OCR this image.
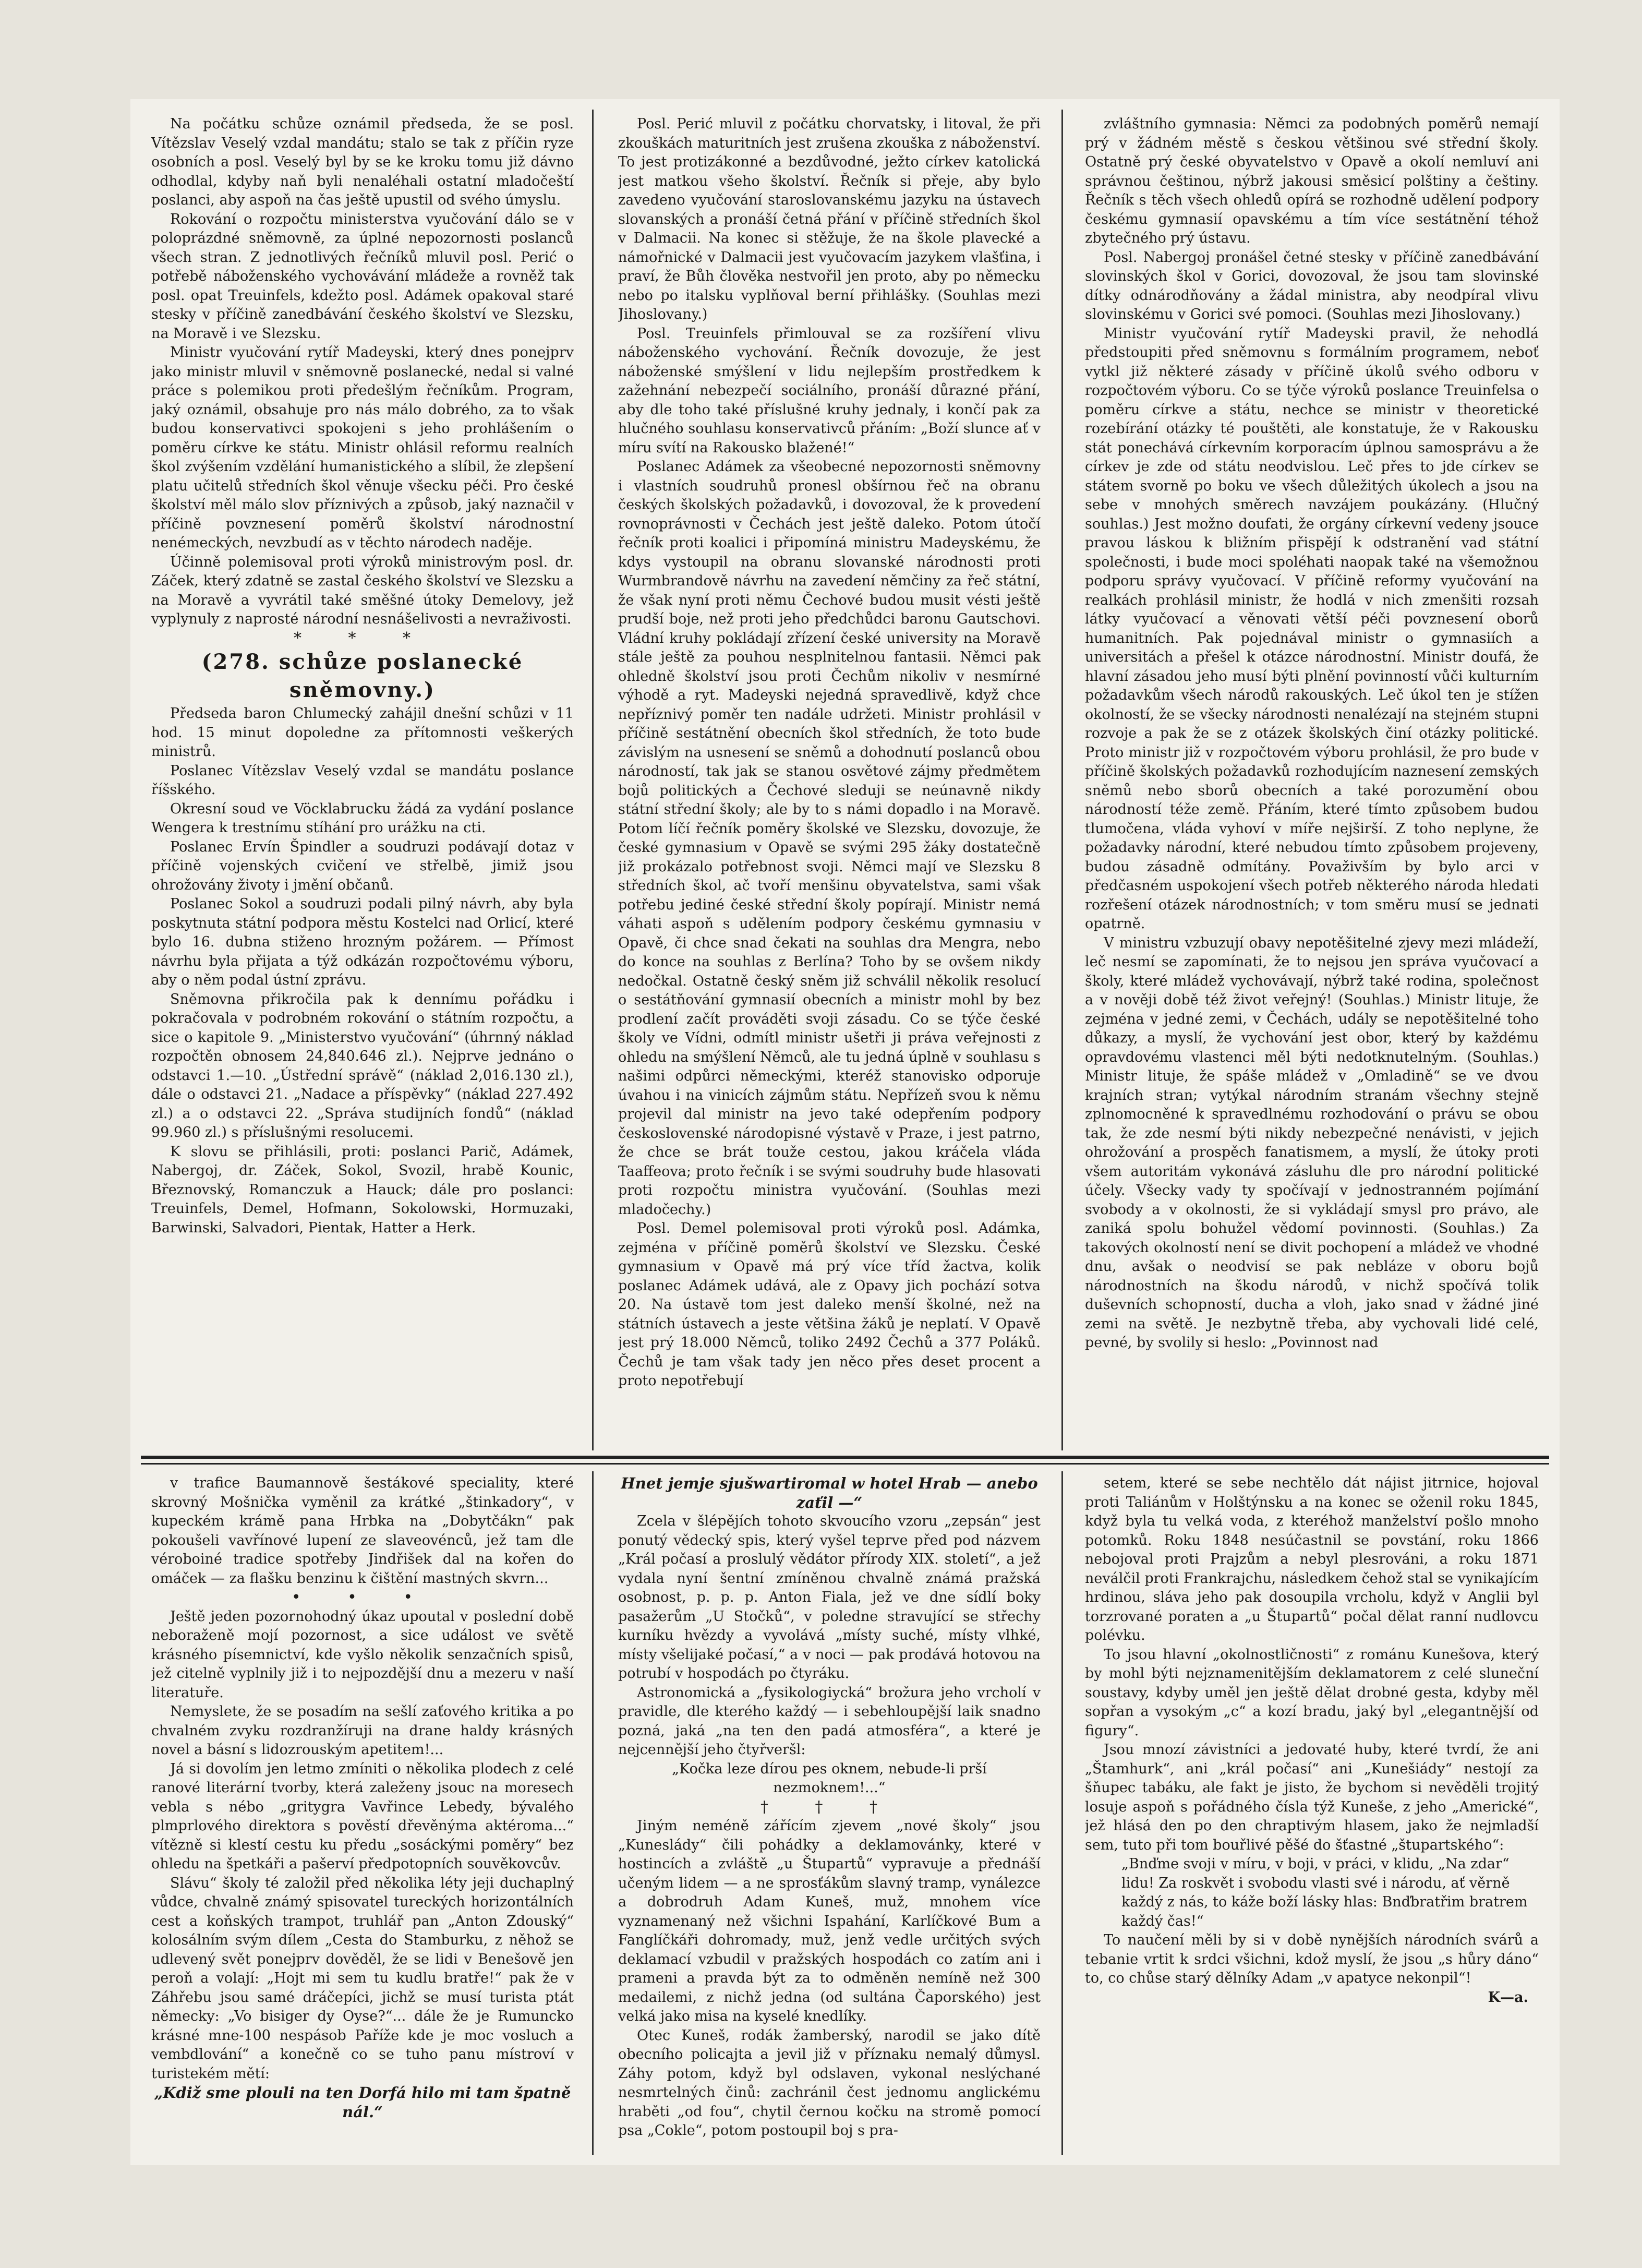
Na počátku schůze oznámil předseda, že se posl. Vítězslav Veselý vzdal mandátu; stalo se tak z příčin ryze osobních a posl. Veselý byl by se ke kroku tomu již dávno odhodlal, kdyby naň byli nenaléhali ostatní mladočeští poslanci, aby aspoň na čas ještě upustil od svého úmyslu.

Rokování o rozpočtu ministerstva vyučování dálo se v poloprázdné sněmovně, za úplné nepozornosti poslanců všech stran. Z jednotlivých řečníků mluvil posl. Perić o potřebě náboženského vychovávání mládeže a rovněž tak posl. opat Treuinfels, kdežto posl. Adámek opakoval staré stesky v příčině zanedbávání českého školství ve Slezsku, na Moravě i ve Slezsku.

Ministr vyučování rytíř Madeyski, který dnes ponejprv jako ministr mluvil v sněmovně poslanecké, nedal si valné práce s polemikou proti předešlým řečníkům. Program, jaký oznámil, obsahuje pro nás málo dobrého, za to však budou konservativci spokojeni s jeho prohlášením o poměru církve ke státu. Ministr ohlásil reformu realních škol zvýšením vzdělání humanistického a slíbil, že zlepšení platu učitelů středních škol věnuje všecku péči. Pro české školství měl málo slov příznivých a způsob, jaký naznačil v příčině povznesení poměrů školství národnostní nenémeckých, nevzbudí as v těchto národech naděje.

Účinně polemisoval proti výroků ministrovým posl. dr. Záček, který zdatně se zastal českého školství ve Slezsku a na Moravě a vyvrátil také směšné útoky Demelovy, jež vyplynuly z naprosté národní nesnášelivosti a nevraživosti.

* * *

(278. schůze poslanecké sněmovny.)

Předseda baron Chlumecký zahájil dnešní schůzi v 11 hod. 15 minut dopoledne za přítomnosti veškerých ministrů.

Poslanec Vítězslav Veselý vzdal se mandátu poslance říšského.

Okresní soud ve Vöcklabrucku žádá za vydání poslance Wengera k trestnímu stíhání pro urážku na cti.

Poslanec Ervín Špindler a soudruzi podávají dotaz v příčině vojenských cvičení ve střelbě, jimiž jsou ohrožovány životy i jmění občanů.

Poslanec Sokol a soudruzi podali pilný návrh, aby byla poskytnuta státní podpora městu Kostelci nad Orlicí, které bylo 16. dubna stiženo hrozným požárem. — Přímost návrhu byla přijata a týž odkázán rozpočtovému výboru, aby o něm podal ústní zprávu.

Sněmovna přikročila pak k dennímu pořádku i pokračovala v podrobném rokování o státním rozpočtu, a sice o kapitole 9. „Ministerstvo vyučování“ (úhrnný náklad rozpočtěn obnosem 24,840.646 zl.). Nejprve jednáno o odstavci 1.—10. „Ústřední správě“ (náklad 2,016.130 zl.), dále o odstavci 21. „Nadace a příspěvky“ (náklad 227.492 zl.) a o odstavci 22. „Správa studijních fondů“ (náklad 99.960 zl.) s příslušnými resolucemi.

K slovu se přihlásili, proti: poslanci Parič, Adámek, Nabergoj, dr. Záček, Sokol, Svozil, hrabě Kounic, Březnovský, Romanczuk a Hauck; dále pro poslanci: Treuinfels, Demel, Hofmann, Sokolowski, Hormuzaki, Barwinski, Salvadori, Pientak, Hatter a Herk.

Posl. Perić mluvil z počátku chorvatsky, i litoval, že při zkouškách maturitních jest zrušena zkouška z náboženství. To jest protizákonné a bezdůvodné, ježto církev katolická jest matkou všeho školství. Řečník si přeje, aby bylo zavedeno vyučování staroslovanskému jazyku na ústavech slovanských a pronáší četná přání v příčině středních škol v Dalmacii. Na konec si stěžuje, že na škole plavecké a námořnické v Dalmacii jest vyučovacím jazykem vlašťina, i praví, že Bůh člověka nestvořil jen proto, aby po německu nebo po italsku vyplňoval berní přihlášky. (Souhlas mezi Jihoslovany.)

Posl. Treuinfels přimlouval se za rozšíření vlivu náboženského vychování. Řečník dovozuje, že jest náboženské smýšlení v lidu nejlepším prostředkem k zažehnání nebezpečí sociálního, pronáší důrazné přání, aby dle toho také příslušné kruhy jednaly, i končí pak za hlučného souhlasu konservativců přáním: „Boží slunce ať v míru svítí na Rakousko blažené!“

Poslanec Adámek za všeobecné nepozornosti sněmovny i vlastních soudruhů pronesl obšírnou řeč na obranu českých školských požadavků, i dovozoval, že k provedení rovnoprávnosti v Čechách jest ještě daleko. Potom útočí řečník proti koalici i připomíná ministru Madeyskému, že kdys vystoupil na obranu slovanské národnosti proti Wurmbrandově návrhu na zavedení němčiny za řeč státní, že však nyní proti němu Čechové budou musit vésti ještě prudší boje, než proti jeho předchůdci baronu Gautschovi. Vládní kruhy pokládají zřízení české university na Moravě stále ještě za pouhou nesplnitelnou fantasii. Němci pak ohledně školství jsou proti Čechům nikoliv v nesmírné výhodě a ryt. Madeyski nejedná spravedlivě, když chce nepříznivý poměr ten nadále udržeti. Ministr prohlásil v příčině sestátnění obecních škol středních, že toto bude závislým na usnesení se sněmů a dohodnutí poslanců obou národností, tak jak se stanou osvětové zájmy předmětem bojů politických a Čechové sleduji se neúnavně nikdy státní střední školy; ale by to s námi dopadlo i na Moravě. Potom líčí řečník poměry školské ve Slezsku, dovozuje, že české gymnasium v Opavě se svými 295 žáky dostatečně již prokázalo potřebnost svoji. Němci mají ve Slezsku 8 středních škol, ač tvoří menšinu obyvatelstva, sami však potřebu jediné české střední školy popírají. Ministr nemá váhati aspoň s udělením podpory českému gymnasiu v Opavě, či chce snad čekati na souhlas dra Mengra, nebo do konce na souhlas z Berlína? Toho by se ovšem nikdy nedočkal. Ostatně český sněm již schválil několik resolucí o sestátňování gymnasií obecních a ministr mohl by bez prodlení začít prováděti svoji zásadu. Co se týče české školy ve Vídni, odmítl ministr ušetři ji práva veřejnosti z ohledu na smýšlení Němců, ale tu jedná úplně v souhlasu s našimi odpůrci německými, kteréž stanovisko odporuje úvahou i na vinicích zájmům státu. Nepřízeň svou k němu projevil dal ministr na jevo také odepřením podpory československé národopisné výstavě v Praze, i jest patrno, že chce se brát touže cestou, jakou kráčela vláda Taaffeova; proto řečník i se svými soudruhy bude hlasovati proti rozpočtu ministra vyučování. (Souhlas mezi mladočechy.)

Posl. Demel polemisoval proti výroků posl. Adámka, zejména v příčině poměrů školství ve Slezsku. České gymnasium v Opavě má prý více tříd žactva, kolik poslanec Adámek udává, ale z Opavy jich pochází sotva 20. Na ústavě tom jest daleko menší školné, než na státních ústavech a jeste většina žáků je neplatí. V Opavě jest prý 18.000 Němců, toliko 2492 Čechů a 377 Poláků. Čechů je tam však tady jen něco přes deset procent a proto nepotřebují

zvláštního gymnasia: Němci za podobných poměrů nemají prý v žádném městě s českou většinou své střední školy. Ostatně prý české obyvatelstvo v Opavě a okolí nemluví ani správnou češtinou, nýbrž jakousi směsicí polštiny a češtiny. Řečník s těch všech ohledů opírá se rozhodně udělení podpory českému gymnasií opavskému a tím více sestátnění téhož zbytečného prý ústavu.

Posl. Nabergoj pronášel četné stesky v příčině zanedbávání slovinských škol v Gorici, dovozoval, že jsou tam slovinské dítky odnárodňovány a žádal ministra, aby neodpíral vlivu slovinskému v Gorici své pomoci. (Souhlas mezi Jihoslovany.)

Ministr vyučování rytíř Madeyski pravil, že nehodlá předstoupiti před sněmovnu s formálním programem, neboť vytkl již některé zásady v příčině úkolů svého odboru v rozpočtovém výboru. Co se týče výroků poslance Treuinfelsa o poměru církve a státu, nechce se ministr v theoretické rozebírání otázky té pouštěti, ale konstatuje, že v Rakousku stát ponechává církevním korporacím úplnou samosprávu a že církev je zde od státu neodvislou. Leč přes to jde církev se státem svorně po boku ve všech důležitých úkolech a jsou na sebe v mnohých směrech navzájem poukázány. (Hlučný souhlas.) Jest možno doufati, že orgány církevní vedeny jsouce pravou láskou k bližním přispějí k odstranění vad státní společnosti, i bude moci spoléhati naopak také na všemožnou podporu správy vyučovací. V příčině reformy vyučování na realkách prohlásil ministr, že hodlá v nich zmenšiti rozsah látky vyučovací a věnovati větší péči povznesení oborů humanitních. Pak pojednával ministr o gymnasiích a universitách a přešel k otázce národnostní. Ministr doufá, že hlavní zásadou jeho musí býti plnění povinností vůči kulturním požadavkům všech národů rakouských. Leč úkol ten je stížen okolností, že se všecky národnosti nenalézají na stejném stupni rozvoje a pak že se z otázek školských činí otázky politické. Proto ministr již v rozpočtovém výboru prohlásil, že pro bude v příčině školských požadavků rozhodujícím naznesení zemských sněmů nebo sborů obecních a také porozumění obou národností téže země. Přáním, které tímto způsobem budou tlumočena, vláda vyhoví v míře nejširší. Z toho neplyne, že požadavky národní, které nebudou tímto způsobem projeveny, budou zásadně odmítány. Považivším by bylo arci v předčasném uspokojení všech potřeb některého národa hledati rozřešení otázek národnostních; v tom směru musí se jednati opatrně.

V ministru vzbuzují obavy nepotěšitelné zjevy mezi mládeží, leč nesmí se zapomínati, že to nejsou jen správa vyučovací a školy, které mládež vychovávají, nýbrž také rodina, společnost a v nověji době též život veřejný! (Souhlas.) Ministr lituje, že zejména v jedné zemi, v Čechách, udály se nepotěšitelné toho důkazy, a myslí, že vychování jest obor, který by každému opravdovému vlastenci měl býti nedotknutelným. (Souhlas.) Ministr lituje, že spáše mládež v „Omladině“ se ve dvou krajních stran; vytýkal národním stranám všechny stejně zplnomocněné k spravedlnému rozhodování o právu se obou tak, že zde nesmí býti nikdy nebezpečné nenávisti, v jejich ohrožování a prospěch fanatismem, a myslí, že útoky proti všem autoritám vykonává zásluhu dle pro národní politické účely. Všecky vady ty spočívají v jednostranném pojímání svobody a v okolnosti, že si vykládají smysl pro právo, ale zaniká spolu bohužel vědomí povinnosti. (Souhlas.) Za takových okolností není se divit pochopení a mládež ve vhodné dnu, avšak o neodvisí se pak nebláze v oboru bojů národnostních na škodu národů, v nichž spočívá tolik duševních schopností, ducha a vloh, jako snad v žádné jiné zemi na světě. Je nezbytně třeba, aby vychovali lidé celé, pevné, by svolily si heslo: „Povinnost nad

v trafice Baumannově šestákové speciality, které skrovný Mošnička vyměnil za krátké „štinkadory“, v kupeckém krámě pana Hrbka na „Dobytčákn“ pak pokoušeli vavřínové lupení ze slaveovénců, jež tam dle véroboiné tradice spotřeby Jindřišek dal na kořen do omáček — za flašku benzinu k čištění mastných skvrn...

• • •

Ještě jeden pozornohodný úkaz upoutal v poslední době neboraženě mojí pozornost, a sice událost ve světě krásného písemnictví, kde vyšlo několik senzačních spisů, jež citelně vyplnily již i to nejpozdější dnu a mezeru v naší literatuře.

Nemyslete, že se posadím na sešlí zaťového kritika a po chvalném zvyku rozdranžíruji na drane haldy krásných novel a básní s lidozrouským apetitem!...

Já si dovolím jen letmo zmíniti o několika plodech z celé ranové literární tvorby, která zaleženy jsouc na moresech vebla s nébo „gritygra Vavřince Lebedy, bývalého plmprlového direktora s pověstí dřevěnýma aktéroma...“ vítězně si klestí cestu ku předu „sosáckými poměry“ bez ohledu na špetkáři a pašerví předpotopních souvěkovcův.

Slávu“ školy té založil před několika léty jeji duchaplný vůdce, chvalně známý spisovatel tureckých horizontálních cest a koňských trampot, truhlář pan „Anton Zdouský“ kolosálním svým dílem „Cesta do Stamburku, z něhož se udlevený svět ponejprv dověděl, že se lidi v Benešově jen peroň a volají: „Hojt mi sem tu kudlu bratře!“ pak že v Záhřebu jsou samé dráčepíci, jichž se musí turista ptát německy: „Vo bisiger dy Oyse?“... dále že je Rumuncko krásné mne-100 nespásob Paříže kde je moc vosluch a vembdlování“ a konečně co se tuho panu místroví v turistekém mětí:

„Kdiž sme plouli na ten Dorfá hilo mi tam špatně nál.“

Hnet jemje sjušwartiromal w hotel Hrab — anebo zaťil —“

Zcela v šlépějích tohoto skvoucího vzoru „zepsán“ jest ponutý vědecký spis, který vyšel teprve před pod názvem „Král počasí a proslulý vědátor přírody XIX. století“, a jež vydala nyní šentní zmíněnou chvalně známá pražská osobnost, p. p. p. Anton Fiala, jež ve dne sídlí boky pasažerům „U Stočků“, v poledne stravující se střechy kurníku hvězdy a vyvolává „místy suché, místy vlhké, místy všelijaké počasí,“ a v noci — pak prodává hotovou na potrubí v hospodách po čtyráku.

Astronomická a „fysikologiycká“ brožura jeho vrcholí v pravidle, dle kterého každý — i sebehloupější laik snadno pozná, jaká „na ten den padá atmosféra“, a které je nejcennější jeho čtyřveršl:

„Kočka leze dírou pes oknem, nebude-li prší nezmoknem!...“

† † †

Jiným neméně zářícím zjevem „nové školy“ jsou „Kuneslády“ čili pohádky a deklamovánky, které v hostincích a zvláště „u Štupartů“ vypravuje a přednáší učeným lidem — a ne sprosťákům slavný tramp, vynálezce a dobrodruh Adam Kuneš, muž, mnohem více vyznamenaný než všichni Ispahání, Karlíčkové Bum a Fanglíčkáři dohromady, muž, jenž vedle určitých svých deklamací vzbudil v pražských hospodách co zatím ani i prameni a pravda být za to odměněn nemíně než 300 medailemi, z nichž jedna (od sultána Čaporského) jest velká jako misa na kyselé knedlíky.

Otec Kuneš, rodák žamberský, narodil se jako dítě obecního policajta a jevil již v příznaku nemalý důmysl. Záhy potom, když byl odslaven, vykonal neslýchané nesmrtelných činů: zachránil čest jednomu anglickému hraběti „od fou“, chytil černou kočku na stromě pomocí psa „Cokle“, potom postoupil boj s pra-

setem, které se sebe nechtělo dát nájist jitrnice, hojoval proti Taliánům v Holštýnsku a na konec se oženil roku 1845, když byla tu velká voda, z kteréhož manželství pošlo mnoho potomků. Roku 1848 nesúčastnil se povstání, roku 1866 nebojoval proti Prajzům a nebyl plesrováni, a roku 1871 neválčil proti Frankrajchu, následkem čehož stal se vynikajícím hrdinou, sláva jeho pak dosoupila vrcholu, když v Anglii byl torzrované poraten a „u Štupartů“ počal dělat ranní nudlovcu polévku.

To jsou hlavní „okolnostličnosti“ z románu Kunešova, který by mohl býti nejznamenitějším deklamatorem z celé sluneční soustavy, kdyby uměl jen ještě dělat drobné gesta, kdyby měl sopřan a vysokým „c“ a kozí bradu, jaký byl „elegantnější od figury“.

Jsou mnozí závistníci a jedovaté huby, které tvrdí, že ani „Štamhurk“, ani „král počasí“ ani „Kunešiády“ nestojí za šňupec tabáku, ale fakt je jisto, že bychom si nevěděli trojitý losuje aspoň s pořádného čísla týž Kuneše, z jeho „Americké“, jež hlásá den po den chraptivým hlasem, jako že nejmladší sem, tuto při tom bouřlivé pěšé do šťastné „štupartského“:

„Bnďme svoji v míru, v boji, v práci, v klidu, „Na zdar“ lidu! Za roskvět i svobodu vlasti své i národu, ať věrně každý z nás, to káže boží lásky hlas: Bnďbratřim bratrem každý čas!“

To naučení měli by si v době nynějších národních svárů a tebanie vrtit k srdci všichni, kdož myslí, že jsou „s hůry dáno“ to, co chůse starý dělníky Adam „v apatyce nekonpil“!

K—a.
